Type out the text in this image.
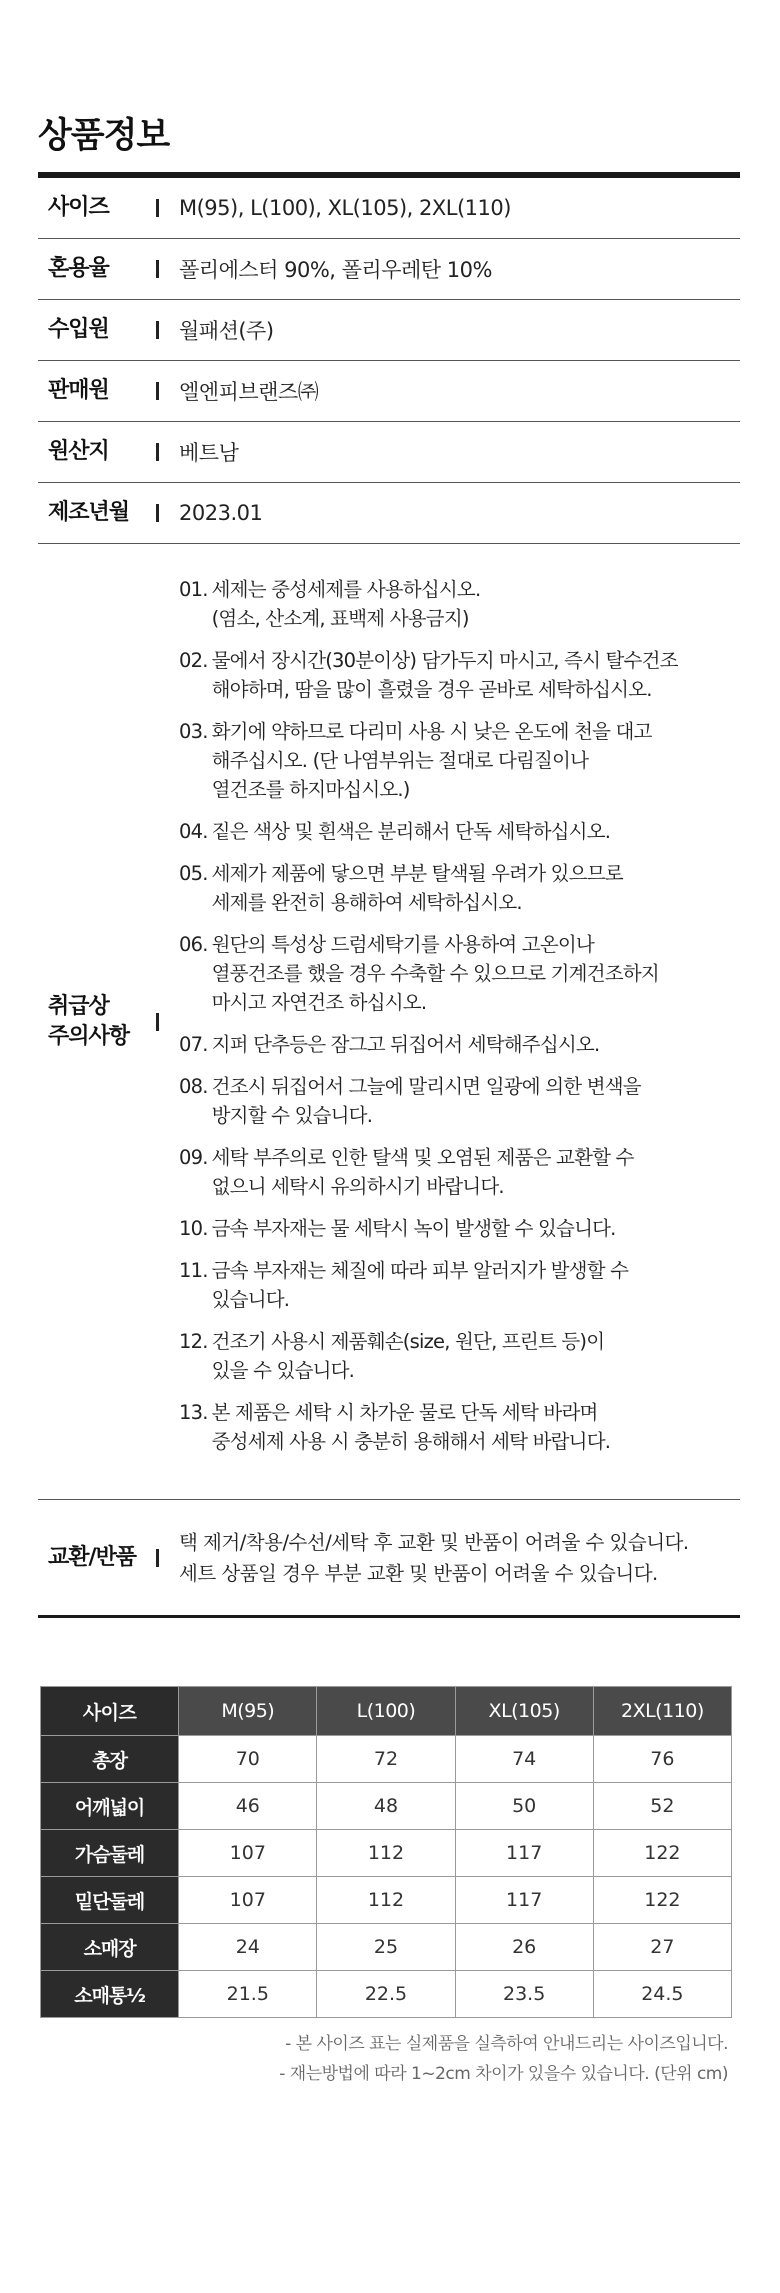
상품정보
사이즈	M(95), L(100), XL(105), 2XL(110)
혼용율	폴리에스터 90%, 폴리우레탄 10%
수입원	월패션(주)
판매원	엘엔피브랜즈㈜
원산지	베트남
제조년월	2023.01
취급상
주의사항
01. 세제는 중성세제를 사용하십시오.
(염소, 산소계, 표백제 사용금지)
02. 물에서 장시간(30분이상) 담가두지 마시고, 즉시 탈수건조
해야하며, 땀을 많이 흘렸을 경우 곧바로 세탁하십시오.
03. 화기에 약하므로 다리미 사용 시 낮은 온도에 천을 대고
해주십시오. (단 나염부위는 절대로 다림질이나
열건조를 하지마십시오.)
04. 짙은 색상 및 흰색은 분리해서 단독 세탁하십시오.
05. 세제가 제품에 닿으면 부분 탈색될 우려가 있으므로
세제를 완전히 용해하여 세탁하십시오.
06. 원단의 특성상 드럼세탁기를 사용하여 고온이나
열풍건조를 했을 경우 수축할 수 있으므로 기계건조하지
마시고 자연건조 하십시오.
07. 지퍼 단추등은 잠그고 뒤집어서 세탁해주십시오.
08. 건조시 뒤집어서 그늘에 말리시면 일광에 의한 변색을
방지할 수 있습니다.
09. 세탁 부주의로 인한 탈색 및 오염된 제품은 교환할 수
없으니 세탁시 유의하시기 바랍니다.
10. 금속 부자재는 물 세탁시 녹이 발생할 수 있습니다.
11. 금속 부자재는 체질에 따라 피부 알러지가 발생할 수
있습니다.
12. 건조기 사용시 제품훼손(size, 원단, 프린트 등)이
있을 수 있습니다.
13. 본 제품은 세탁 시 차가운 물로 단독 세탁 바라며
중성세제 사용 시 충분히 용해해서 세탁 바랍니다.
교환/반품
택 제거/착용/수선/세탁 후 교환 및 반품이 어려울 수 있습니다.
세트 상품일 경우 부분 교환 및 반품이 어려울 수 있습니다.
사이즈	M(95)	L(100)	XL(105)	2XL(110)
총장	70	72	74	76
어깨넓이	46	48	50	52
가슴둘레	107	112	117	122
밑단둘레	107	112	117	122
소매장	24	25	26	27
소매통½	21.5	22.5	23.5	24.5
- 본 사이즈 표는 실제품을 실측하여 안내드리는 사이즈입니다.
- 재는방법에 따라 1~2cm 차이가 있을수 있습니다. (단위 cm)
